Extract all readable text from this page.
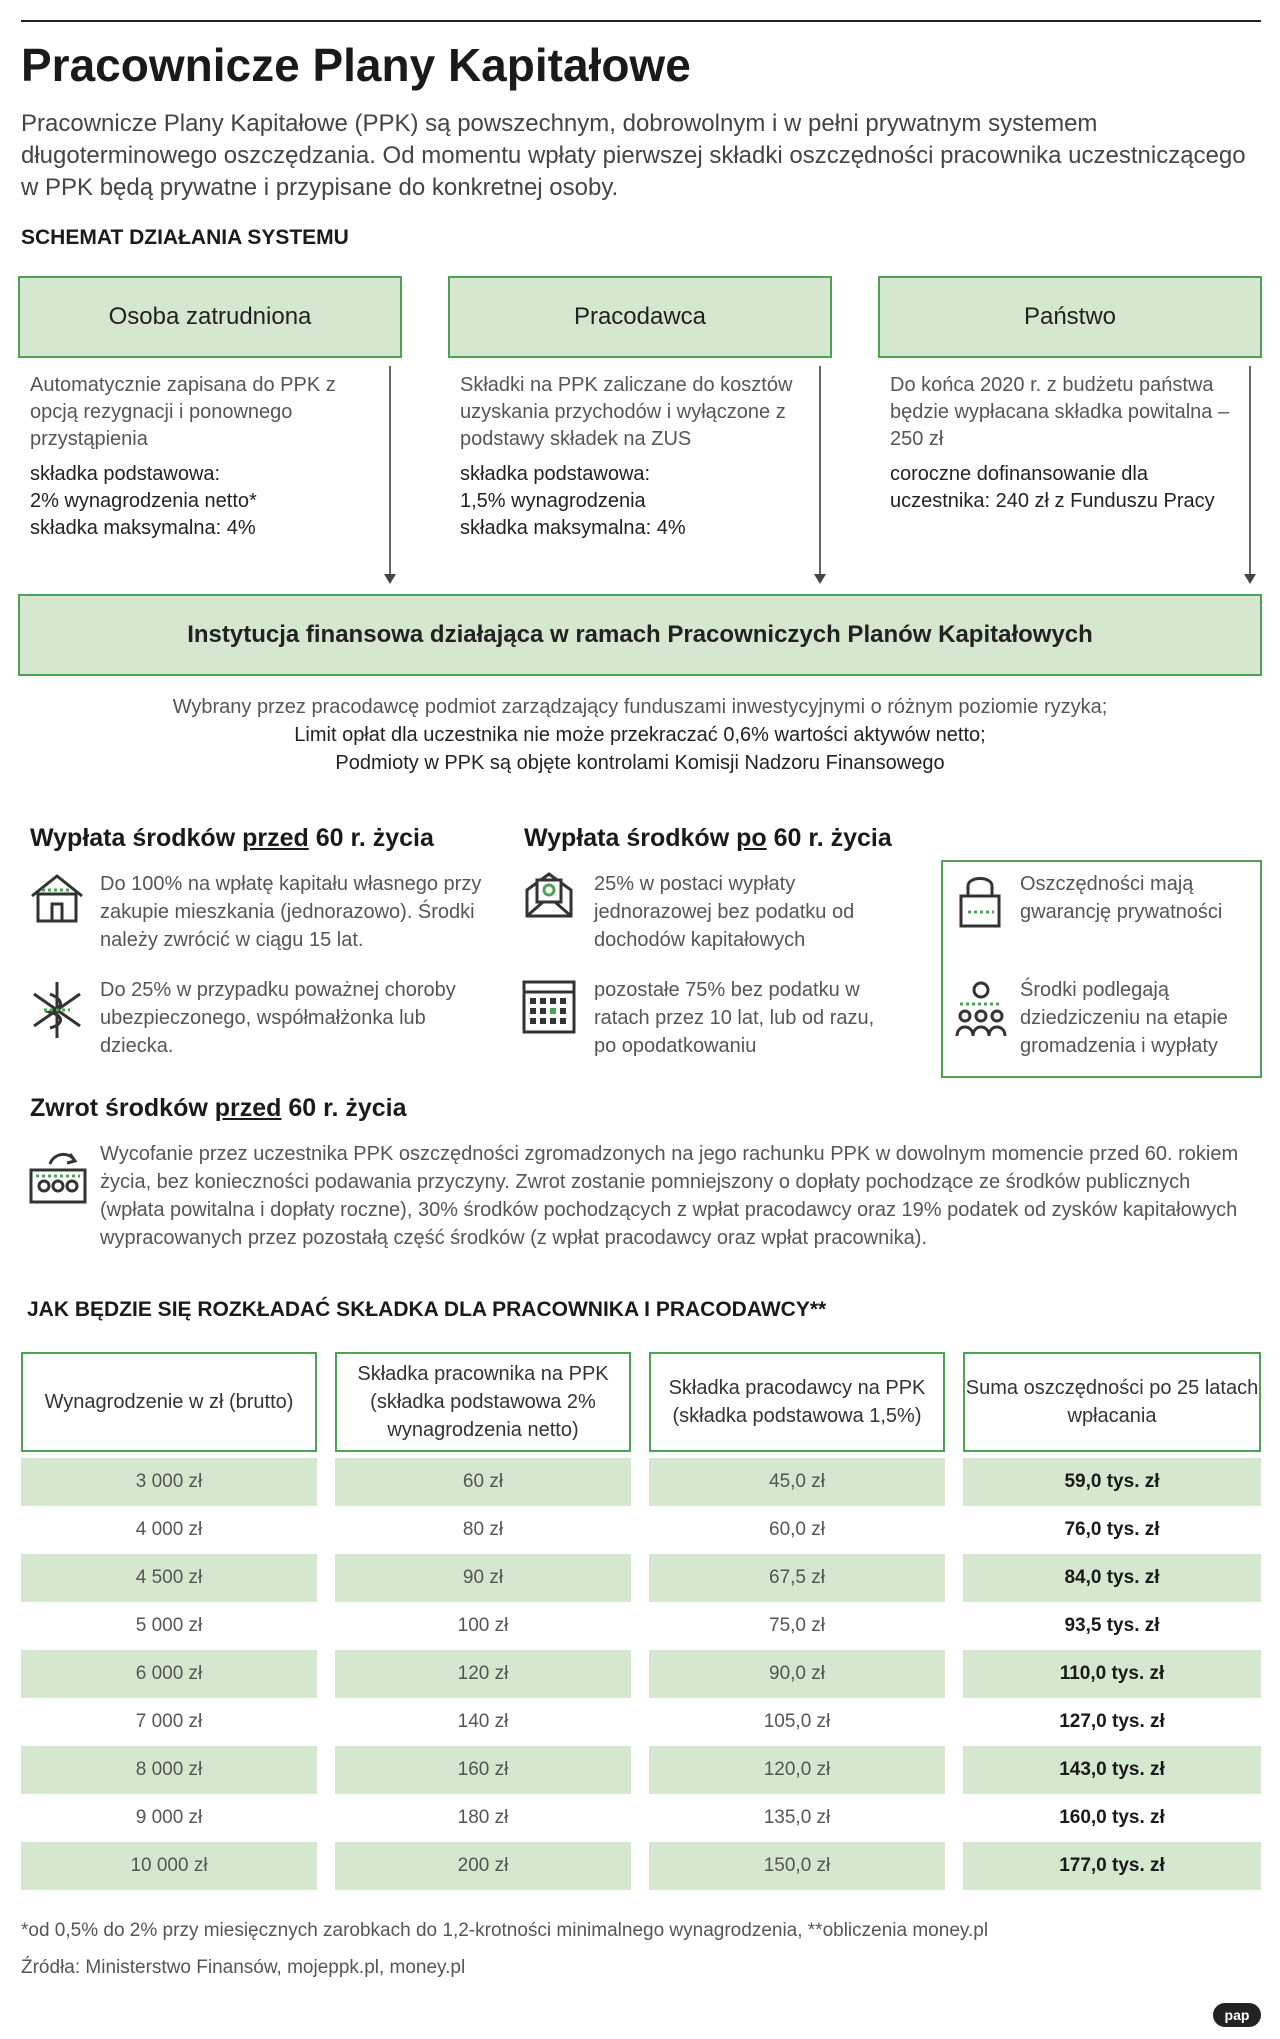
Pracownicze Plany Kapitałowe
Pracownicze Plany Kapitałowe (PPK) są powszechnym, dobrowolnym i w pełni prywatnym systemem długoterminowego oszczędzania. Od momentu wpłaty pierwszej składki oszczędności pracownika uczestniczącego w PPK będą prywatne i przypisane do konkretnej osoby.
SCHEMAT DZIAŁANIA SYSTEMU
Osoba zatrudniona	Pracodawca	Państwo
Automatycznie zapisana do PPK z opcją rezygnacji i ponownego przystąpienia
składka podstawowa:
2% wynagrodzenia netto*
składka maksymalna: 4%
Składki na PPK zaliczane do kosztów uzyskania przychodów i wyłączone z podstawy składek na ZUS
składka podstawowa:
1,5% wynagrodzenia
składka maksymalna: 4%
Do końca 2020 r. z budżetu państwa będzie wypłacana składka powitalna – 250 zł
coroczne dofinansowanie dla uczestnika: 240 zł z Funduszu Pracy
Instytucja finansowa działająca w ramach Pracowniczych Planów Kapitałowych
Wybrany przez pracodawcę podmiot zarządzający funduszami inwestycyjnymi o różnym poziomie ryzyka;
Limit opłat dla uczestnika nie może przekraczać 0,6% wartości aktywów netto;
Podmioty w PPK są objęte kontrolami Komisji Nadzoru Finansowego
Wypłata środków przed 60 r. życia
Do 100% na wpłatę kapitału własnego przy zakupie mieszkania (jednorazowo). Środki należy zwrócić w ciągu 15 lat.
Do 25% w przypadku poważnej choroby ubezpieczonego, współmałżonka lub dziecka.
Wypłata środków po 60 r. życia
25% w postaci wypłaty jednorazowej bez podatku od dochodów kapitałowych
pozostałe 75% bez podatku w ratach przez 10 lat, lub od razu, po opodatkowaniu
Oszczędności mają gwarancję prywatności
Środki podlegają dziedziczeniu na etapie gromadzenia i wypłaty
Zwrot środków przed 60 r. życia
Wycofanie przez uczestnika PPK oszczędności zgromadzonych na jego rachunku PPK w dowolnym momencie przed 60. rokiem życia, bez konieczności podawania przyczyny. Zwrot zostanie pomniejszony o dopłaty pochodzące ze środków publicznych (wpłata powitalna i dopłaty roczne), 30% środków pochodzących z wpłat pracodawcy oraz 19% podatek od zysków kapitałowych wypracowanych przez pozostałą część środków (z wpłat pracodawcy oraz wpłat pracownika).
JAK BĘDZIE SIĘ ROZKŁADAĆ SKŁADKA DLA PRACOWNIKA I PRACODAWCY**
Wynagrodzenie w zł (brutto)
Składka pracownika na PPK (składka podstawowa 2% wynagrodzenia netto)
Składka pracodawcy na PPK (składka podstawowa 1,5%)
Suma oszczędności po 25 latach wpłacania
3 000 zł	60 zł	45,0 zł	59,0 tys. zł
4 000 zł	80 zł	60,0 zł	76,0 tys. zł
4 500 zł	90 zł	67,5 zł	84,0 tys. zł
5 000 zł	100 zł	75,0 zł	93,5 tys. zł
6 000 zł	120 zł	90,0 zł	110,0 tys. zł
7 000 zł	140 zł	105,0 zł	127,0 tys. zł
8 000 zł	160 zł	120,0 zł	143,0 tys. zł
9 000 zł	180 zł	135,0 zł	160,0 tys. zł
10 000 zł	200 zł	150,0 zł	177,0 tys. zł
*od 0,5% do 2% przy miesięcznych zarobkach do 1,2-krotności minimalnego wynagrodzenia, **obliczenia money.pl
Źródła: Ministerstwo Finansów, mojeppk.pl, money.pl
pap
